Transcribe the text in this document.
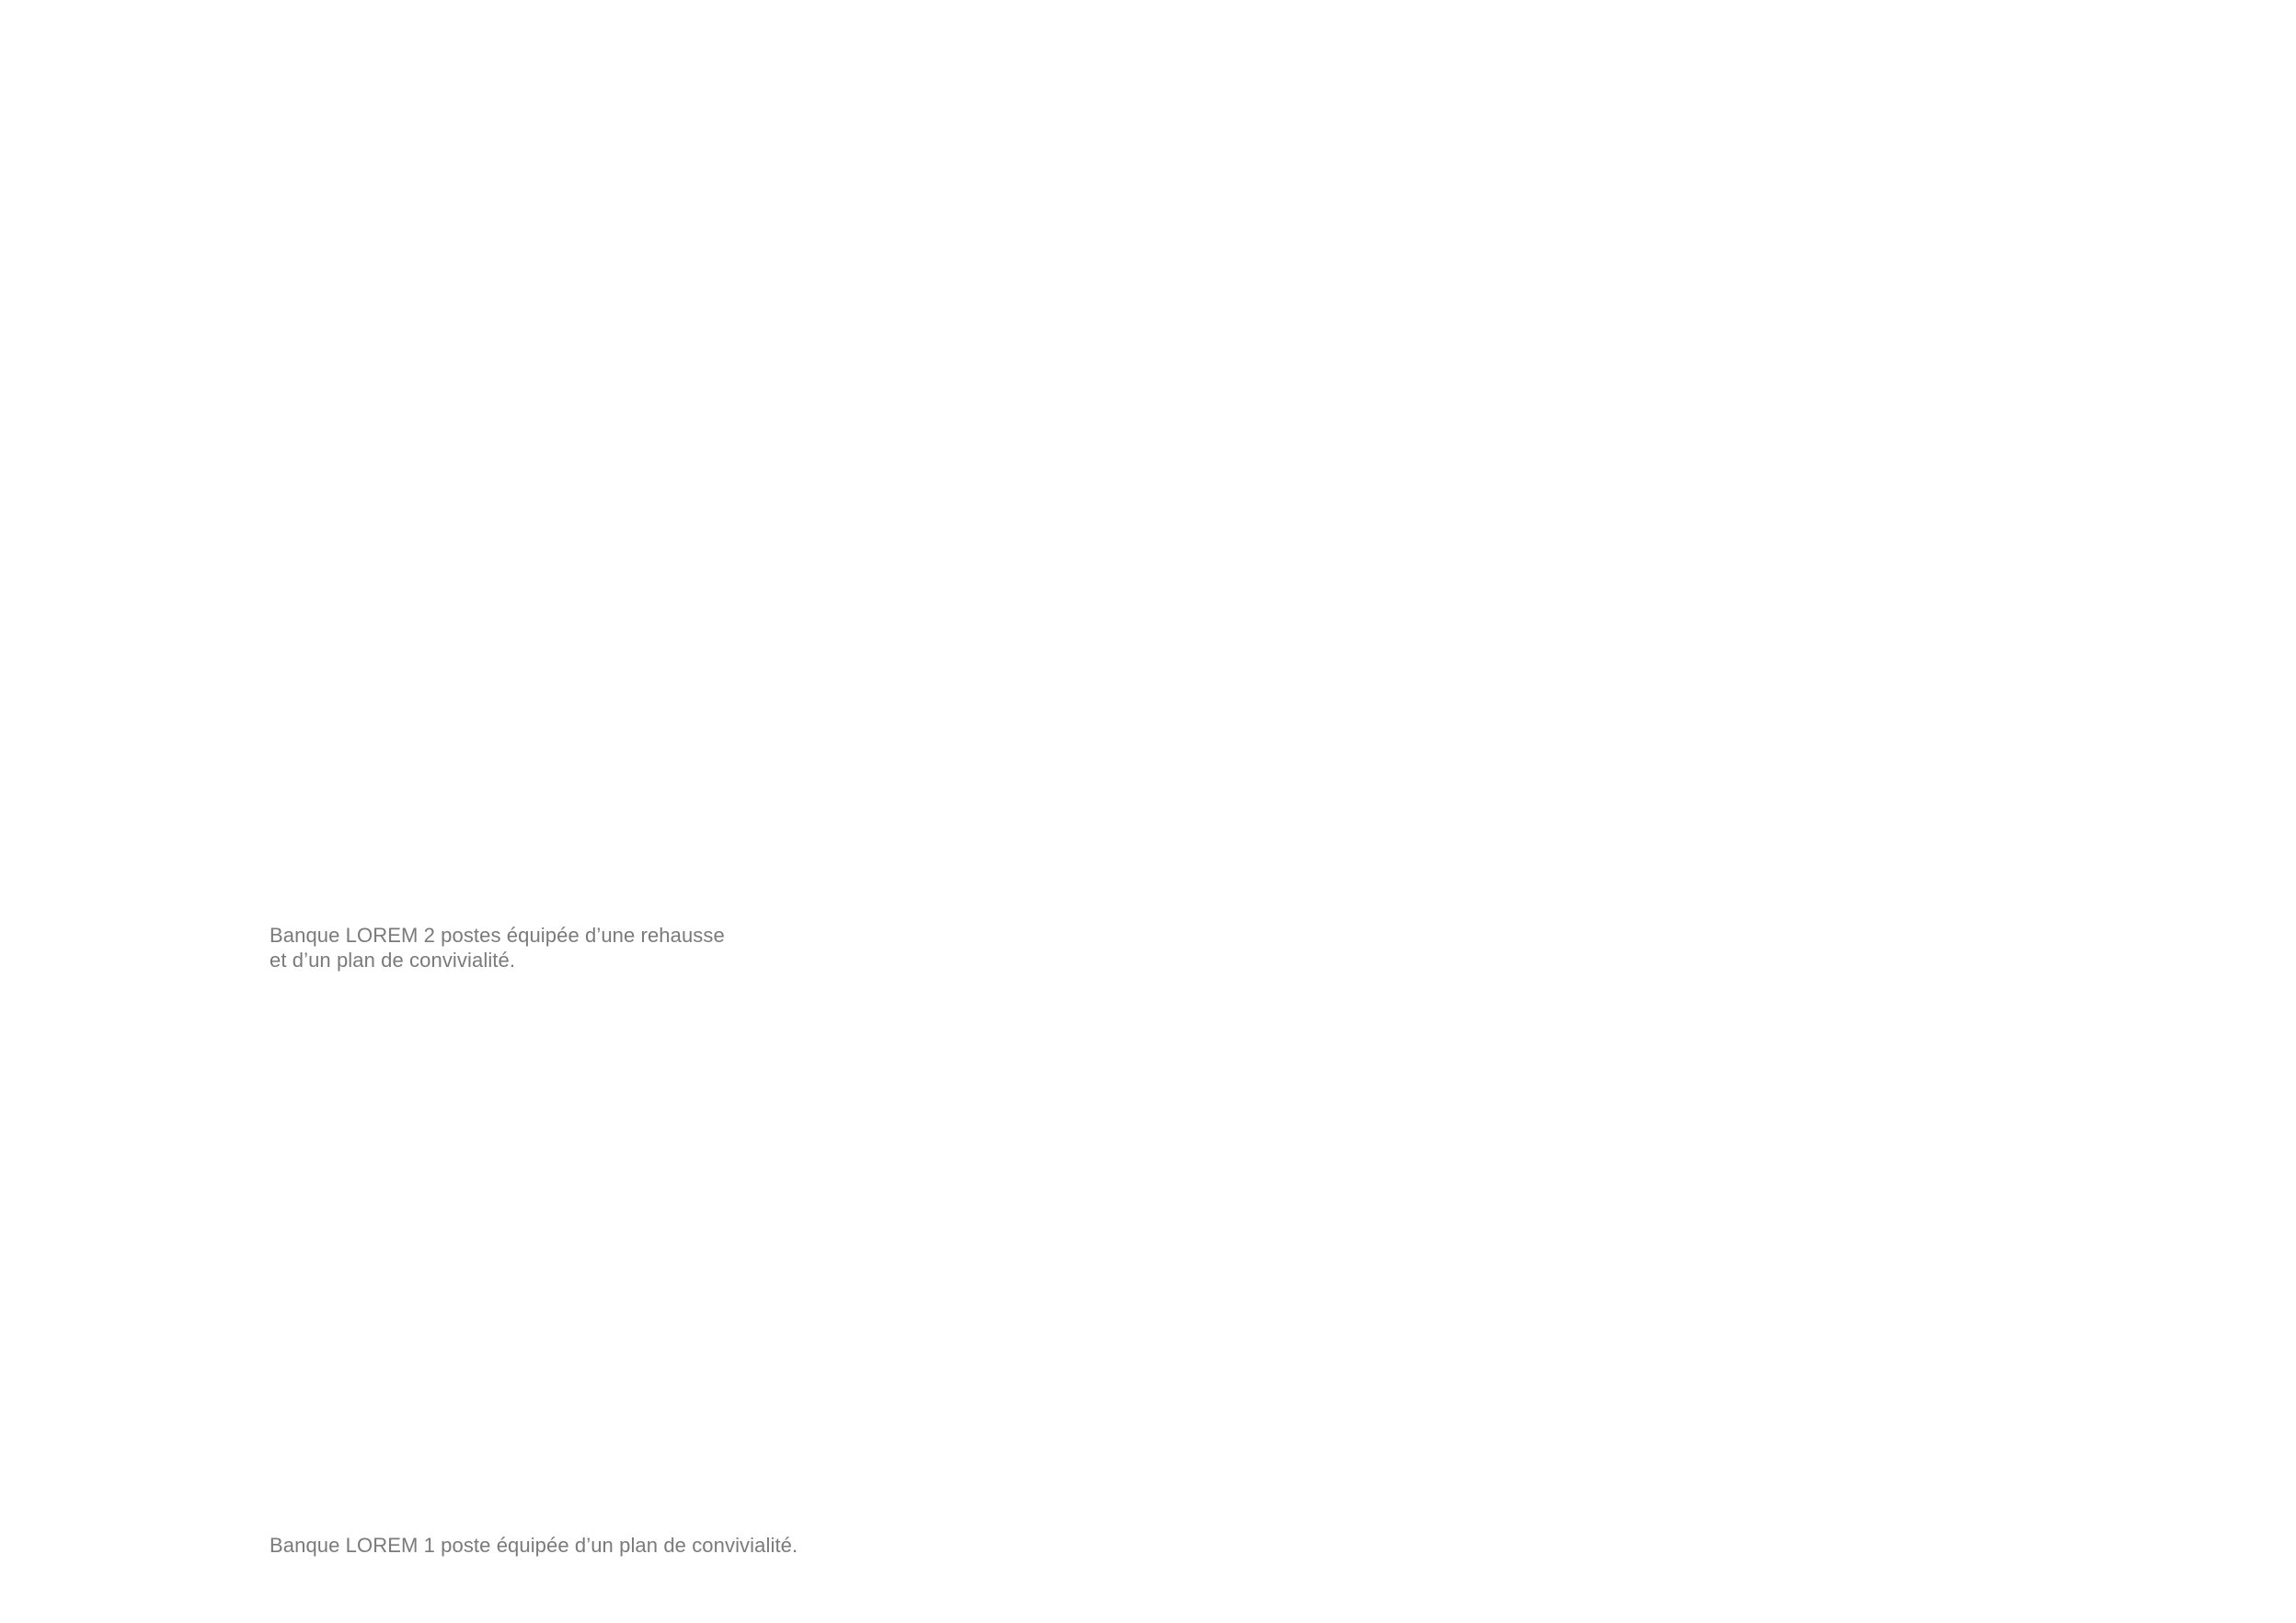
Banque LOREM 2 postes équipée d’une rehausse
et d’un plan de convivialité.

Banque LOREM 1 poste équipée d’un plan de convivialité.
